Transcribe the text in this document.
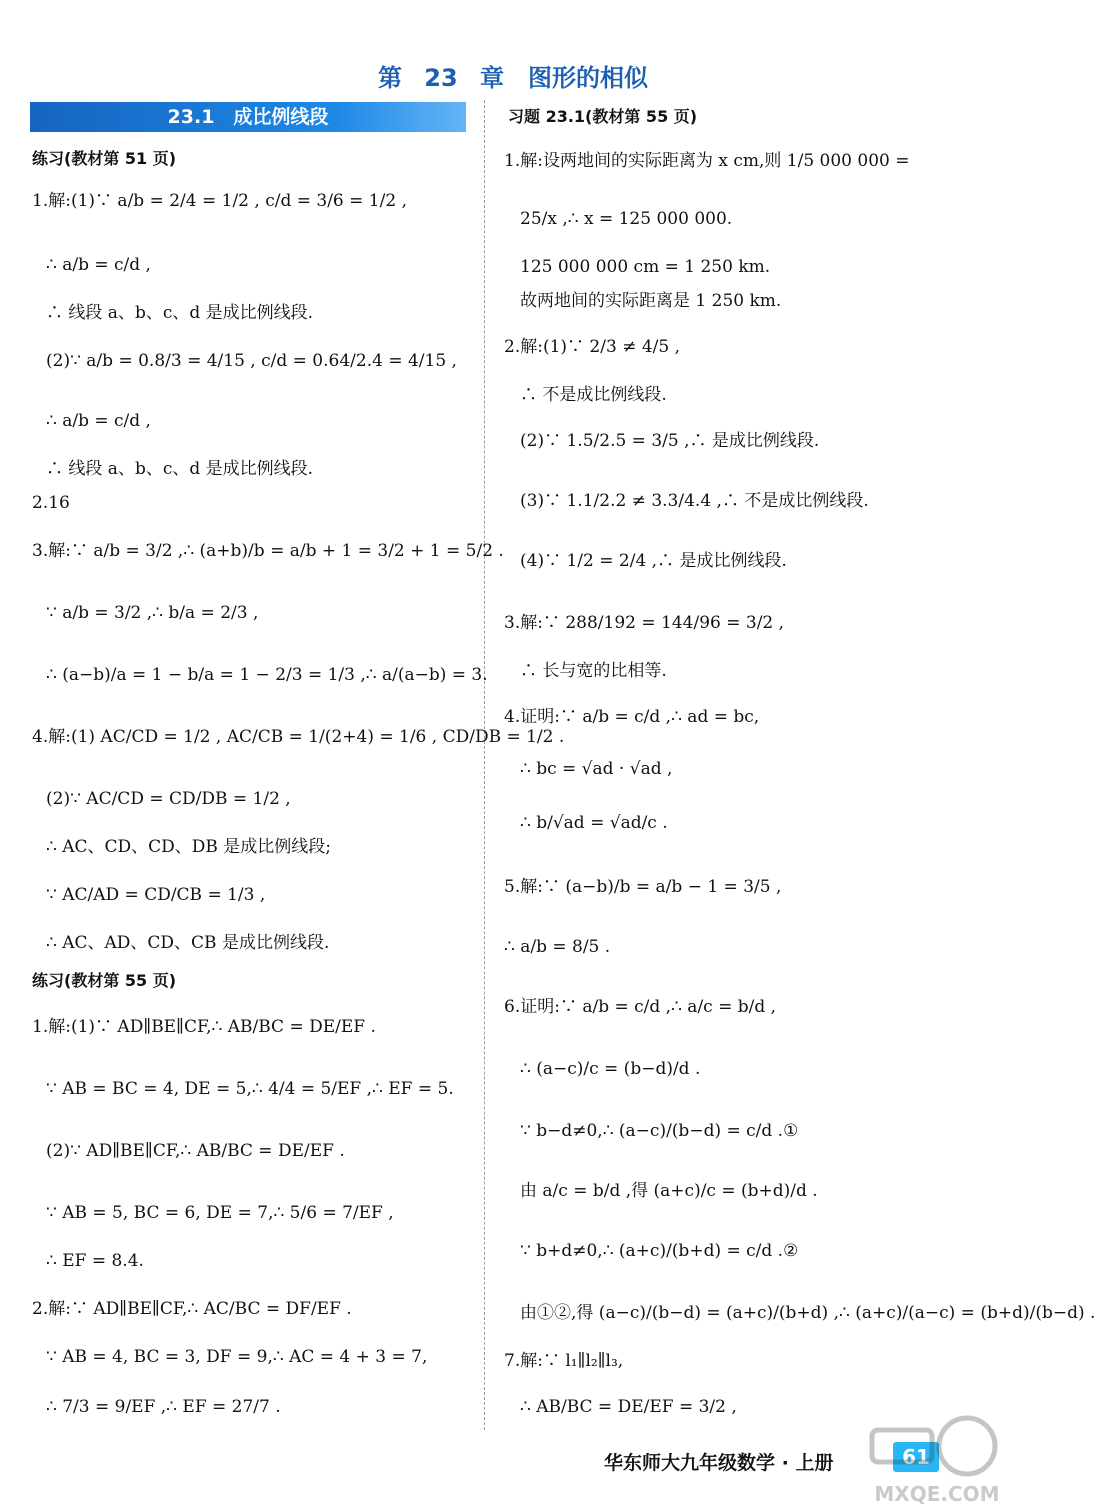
第 23 章　图形的相似
23.1　成比例线段
练习(教材第 51 页)
1.解:(1)∵ a/b = 2/4 = 1/2 , c/d = 3/6 = 1/2 ,
∴ a/b = c/d ,
∴ 线段 a、b、c、d 是成比例线段.
(2)∵ a/b = 0.8/3 = 4/15 , c/d = 0.64/2.4 = 4/15 ,
∴ a/b = c/d ,
∴ 线段 a、b、c、d 是成比例线段.
2.16
3.解:∵ a/b = 3/2 ,∴ (a+b)/b = a/b + 1 = 3/2 + 1 = 5/2 .
∵ a/b = 3/2 ,∴ b/a = 2/3 ,
∴ (a−b)/a = 1 − b/a = 1 − 2/3 = 1/3 ,∴ a/(a−b) = 3.
4.解:(1) AC/CD = 1/2 , AC/CB = 1/(2+4) = 1/6 , CD/DB = 1/2 .
(2)∵ AC/CD = CD/DB = 1/2 ,
∴ AC、CD、CD、DB 是成比例线段;
∵ AC/AD = CD/CB = 1/3 ,
∴ AC、AD、CD、CB 是成比例线段.
练习(教材第 55 页)
1.解:(1)∵ AD∥BE∥CF,∴ AB/BC = DE/EF .
∵ AB = BC = 4, DE = 5,∴ 4/4 = 5/EF ,∴ EF = 5.
(2)∵ AD∥BE∥CF,∴ AB/BC = DE/EF .
∵ AB = 5, BC = 6, DE = 7,∴ 5/6 = 7/EF ,
∴ EF = 8.4.
2.解:∵ AD∥BE∥CF,∴ AC/BC = DF/EF .
∵ AB = 4, BC = 3, DF = 9,∴ AC = 4 + 3 = 7,
∴ 7/3 = 9/EF ,∴ EF = 27/7 .
习题 23.1(教材第 55 页)
1.解:设两地间的实际距离为 x cm,则 1/5 000 000 =
25/x ,∴ x = 125 000 000.
125 000 000 cm = 1 250 km.
故两地间的实际距离是 1 250 km.
2.解:(1)∵ 2/3 ≠ 4/5 ,
∴ 不是成比例线段.
(2)∵ 1.5/2.5 = 3/5 ,∴ 是成比例线段.
(3)∵ 1.1/2.2 ≠ 3.3/4.4 ,∴ 不是成比例线段.
(4)∵ 1/2 = 2/4 ,∴ 是成比例线段.
3.解:∵ 288/192 = 144/96 = 3/2 ,
∴ 长与宽的比相等.
4.证明:∵ a/b = c/d ,∴ ad = bc,
∴ bc = √ad · √ad ,
∴ b/√ad = √ad/c .
5.解:∵ (a−b)/b = a/b − 1 = 3/5 ,
∴ a/b = 8/5 .
6.证明:∵ a/b = c/d ,∴ a/c = b/d ,
∴ (a−c)/c = (b−d)/d .
∵ b−d≠0,∴ (a−c)/(b−d) = c/d .①
由 a/c = b/d ,得 (a+c)/c = (b+d)/d .
∵ b+d≠0,∴ (a+c)/(b+d) = c/d .②
由①②,得 (a−c)/(b−d) = (a+c)/(b+d) ,∴ (a+c)/(a−c) = (b+d)/(b−d) .
7.解:∵ l₁∥l₂∥l₃,
∴ AB/BC = DE/EF = 3/2 ,
华东师大九年级数学 · 上册	61
MXQE.COM
